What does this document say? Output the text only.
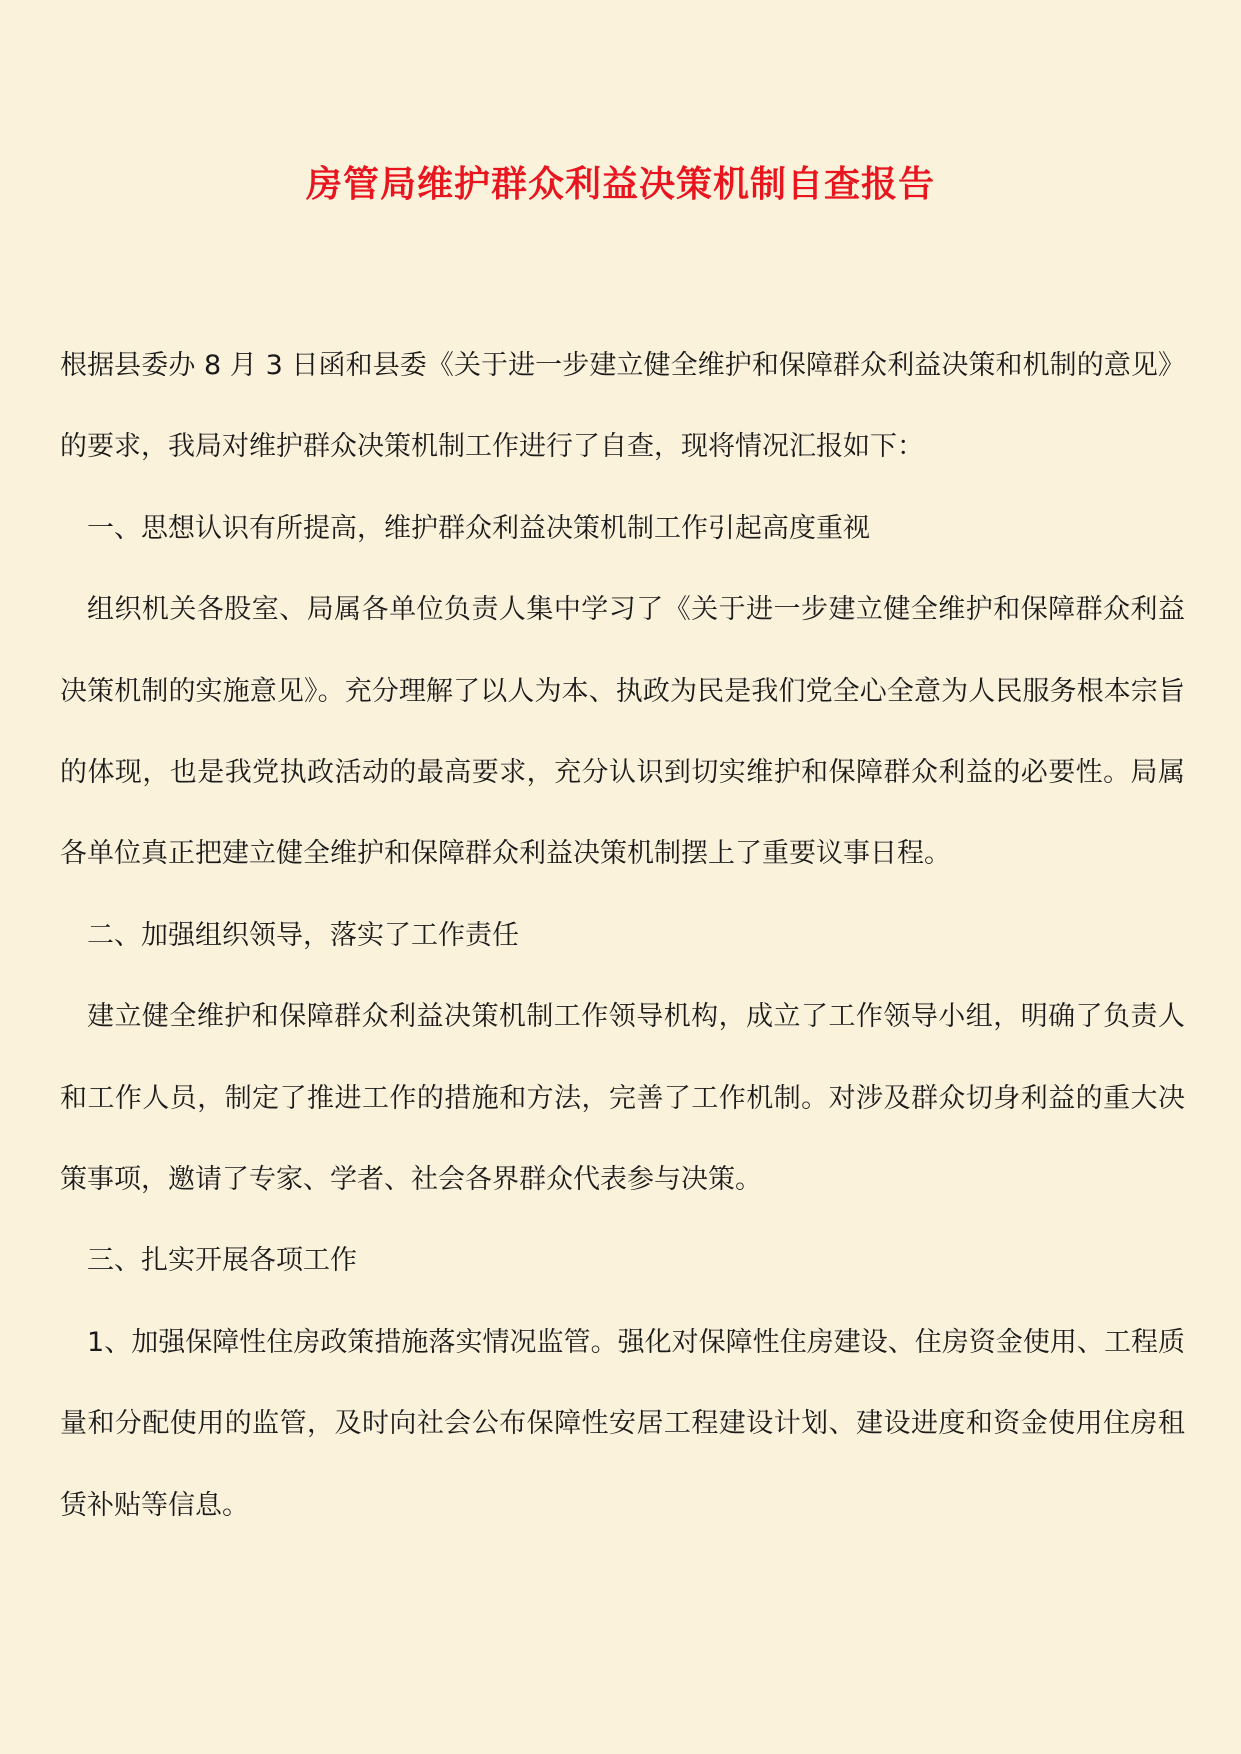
房管局维护群众利益决策机制自查报告

根据县委办 8 月 3 日函和县委《关于进一步建立健全维护和保障群众利益决策和机制的意见》的要求，我局对维护群众决策机制工作进行了自查，现将情况汇报如下：

一、思想认识有所提高，维护群众利益决策机制工作引起高度重视

组织机关各股室、局属各单位负责人集中学习了《关于进一步建立健全维护和保障群众利益决策机制的实施意见》。充分理解了以人为本、执政为民是我们党全心全意为人民服务根本宗旨的体现，也是我党执政活动的最高要求，充分认识到切实维护和保障群众利益的必要性。局属各单位真正把建立健全维护和保障群众利益决策机制摆上了重要议事日程。

二、加强组织领导，落实了工作责任

建立健全维护和保障群众利益决策机制工作领导机构，成立了工作领导小组，明确了负责人和工作人员，制定了推进工作的措施和方法，完善了工作机制。对涉及群众切身利益的重大决策事项，邀请了专家、学者、社会各界群众代表参与决策。

三、扎实开展各项工作

1、加强保障性住房政策措施落实情况监管。强化对保障性住房建设、住房资金使用、工程质量和分配使用的监管，及时向社会公布保障性安居工程建设计划、建设进度和资金使用住房租赁补贴等信息。
